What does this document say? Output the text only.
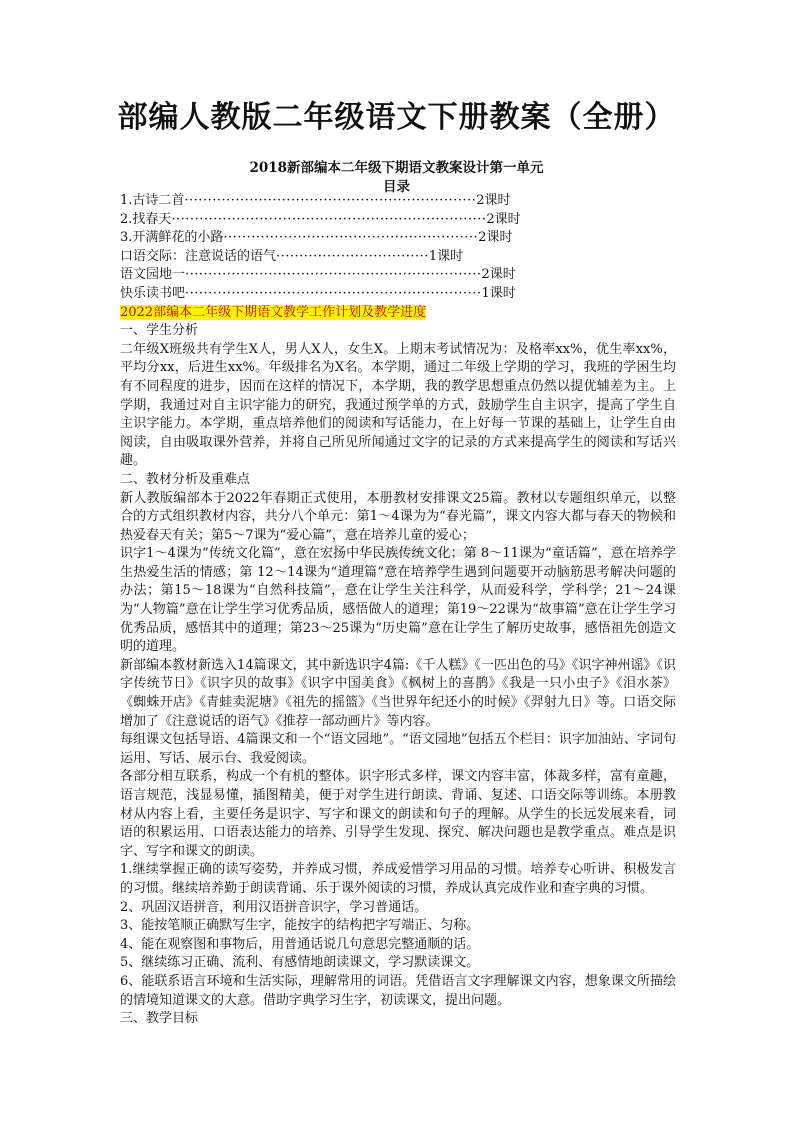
部编人教版二年级语文下册教案（全册）
2018新部编本二年级下期语文教案设计第一单元
目录
1.古诗二首 ······························································· 2课时
2.找春天 ···································································· 2课时
3.开满鲜花的小路 ······················································· 2课时
口语交际：注意说话的语气 ································· 1课时
语文园地一 ································································ 2课时
快乐读书吧 ································································ 1课时
2022部编本二年级下期语文教学工作计划及教学进度
一、学生分析

二年级X班级共有学生X人，男人X人，女生X。上期末考试情况为：及格率xx%，优生率xx%，平均分xx，后进生xx%。年级排名为X名。本学期，通过二年级上学期的学习，我班的学困生均有不同程度的进步，因而在这样的情况下，本学期，我的教学思想重点仍然以提优辅差为主。上学期，我通过对自主识字能力的研究，我通过预学单的方式，鼓励学生自主识字，提高了学生自主识字能力。本学期，重点培养他们的阅读和写话能力，在上好每一节课的基础上，让学生自由阅读，自由吸取课外营养，并将自己所见所闻通过文字的记录的方式来提高学生的阅读和写话兴趣。

二、教材分析及重难点

新人教版编部本于2022年春期正式使用，本册教材安排课文25篇。教材以专题组织单元，以整合的方式组织教材内容，共分八个单元：第1～4课为为“春光篇”，课文内容大都与春天的物候和热爱春天有关；第5～7课为“爱心篇”，意在培养儿童的爱心；

识字1～4课为“传统文化篇”，意在宏扬中华民族传统文化；第 8～11课为“童话篇”，意在培养学生热爱生活的情感；第 12～14课为“道理篇”意在培养学生遇到问题要开动脑筋思考解决问题的办法；第15～18课为“自然科技篇”，意在让学生关注科学，从而爱科学，学科学；21～24课为“人物篇”意在让学生学习优秀品质，感悟做人的道理；第19～22课为“故事篇”意在让学生学习优秀品质，感悟其中的道理；第23～25课为“历史篇”意在让学生了解历史故事，感悟祖先创造文明的道理。

新部编本教材新选入14篇课文，其中新选识字4篇:《千人糕》《一匹出色的马》《识字神州谣》《识字传统节日》《识字贝的故事》《识字中国美食》《枫树上的喜鹊》《我是一只小虫子》《泪水茶》《蜘蛛开店》《青蛙卖泥塘》《祖先的摇篮》《当世界年纪还小的时候》《羿射九日》等。口语交际增加了《注意说话的语气》《推荐一部动画片》等内容。

每组课文包括导语、4篇课文和一个“语文园地”。“语文园地”包括五个栏目：识字加油站、字词句运用、写话、展示台、我爱阅读。

各部分相互联系，构成一个有机的整体。识字形式多样，课文内容丰富，体裁多样，富有童趣，语言规范，浅显易懂，插图精美，便于对学生进行朗读、背诵、复述、口语交际等训练。本册教材从内容上看，主要任务是识字、写字和课文的朗读和句子的理解。从学生的长远发展来看，词语的积累运用、口语表达能力的培养、引导学生发现、探究、解决问题也是教学重点。难点是识字、写字和课文的朗读。

1.继续掌握正确的读写姿势，并养成习惯，养成爱惜学习用品的习惯。培养专心听讲、积极发言的习惯。继续培养勤于朗读背诵、乐于课外阅读的习惯，养成认真完成作业和查字典的习惯。

2、巩固汉语拼音，利用汉语拼音识字，学习普通话。

3、能按笔顺正确默写生字，能按字的结构把字写端正、匀称。

4、能在观察图和事物后，用普通话说几句意思完整通顺的话。

5、继续练习正确、流利、有感情地朗读课文，学习默读课文。

6、能联系语言环境和生活实际，理解常用的词语。凭借语言文字理解课文内容，想象课文所描绘的情境知道课文的大意。借助字典学习生字，初读课文，提出问题。

三、教学目标
